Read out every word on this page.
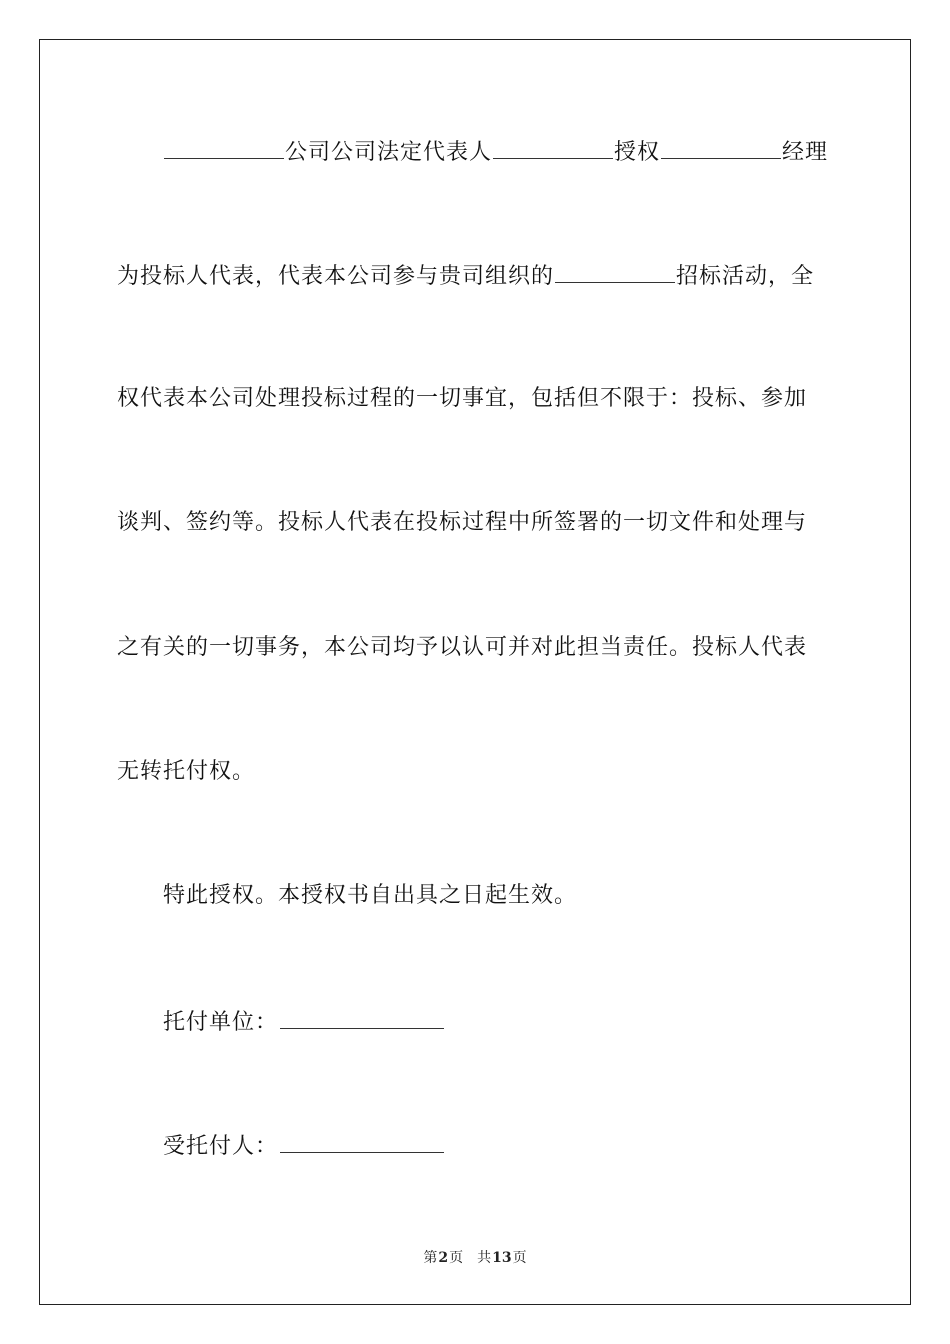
公司公司法定代表人	授权	经理

为投标人代表，代表本公司参与贵司组织的	招标活动，全

权代表本公司处理投标过程的一切事宜，包括但不限于：投标、参加

谈判、签约等。投标人代表在投标过程中所签署的一切文件和处理与

之有关的一切事务，本公司均予以认可并对此担当责任。投标人代表

无转托付权。

特此授权。本授权书自出具之日起生效。

托付单位：

受托付人：

第2页 共13页
